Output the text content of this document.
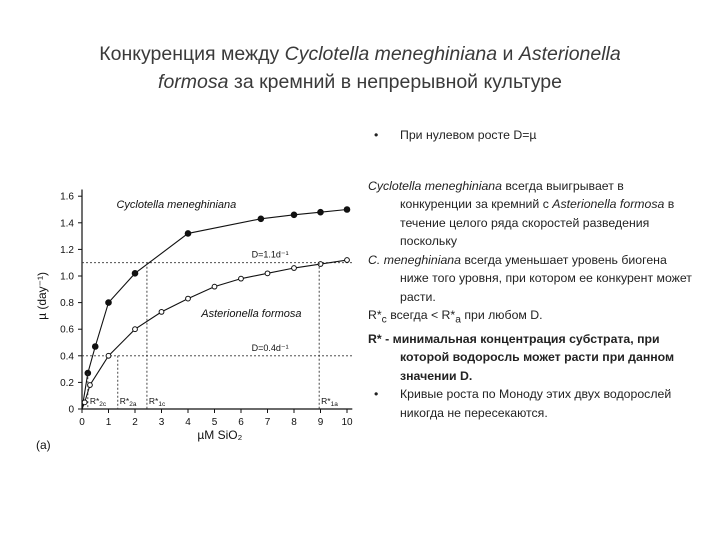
Конкуренция между Cyclotella meneghiniana и Asterionella
formosa за кремний в непрерывной культуре
0 1 2 3 4 5 6 7 8 9 10
0
0.2
0.4
0.6
0.8
1.0
1.2
1.4
1.6
µM SiO₂
µ (day⁻¹)
(a)
D=1.1d⁻¹
D=0.4d⁻¹
Cyclotella meneghiniana
Asterionella formosa
$R*_{2c}$ $R*_{2a}$ $R*_{1c}$	$R*_{1a}$
• При нулевом росте D=µ
Cyclotella meneghiniana всегда выигрывает в конкуренции за кремний с Asterionella formosa в течение целого ряда скоростей разведения поскольку
C. meneghiniana всегда уменьшает уровень биогена ниже того уровня, при котором ее конкурент может расти.
$R*_c$ всегда < $R*_a$ при любом D.
R* - минимальная концентрация субстрата, при которой водоросль может расти при данном значении D.
• Кривые роста по Моноду этих двух водорослей никогда не пересекаются.
